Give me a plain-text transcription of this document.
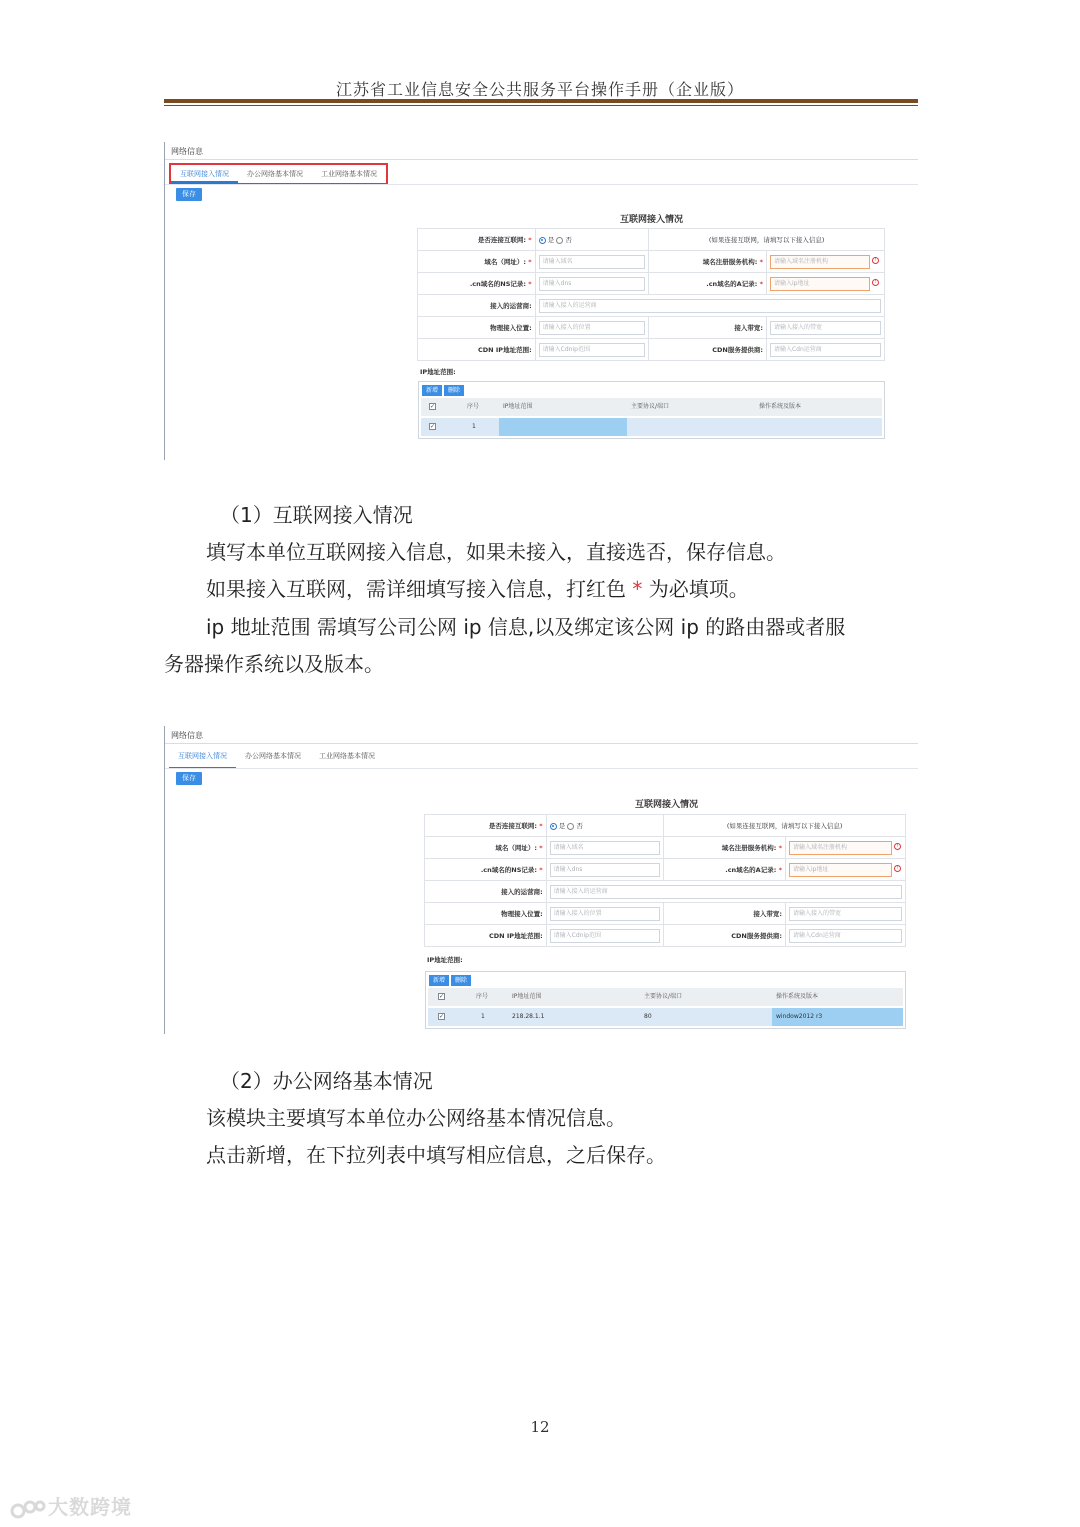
江苏省工业信息安全公共服务平台操作手册（企业版）
网络信息
互联网接入情况	办公网络基本情况	工业网络基本情况
保存
互联网接入情况
是否连接互联网: *	是 否	(如果连接互联网，请填写以下接入信息)	
域名（网址）: *	请输入域名	域名注册服务机构: *	请输入域名注册机构 !
.cn域名的NS记录: *	请输入dns	.cn域名的A记录: *	请输入ip地址 !
接入的运营商:	请输入接入的运营商		

物理接入位置:	请输入接入的位置	接入带宽:	请输入接入的带宽

CDN IP地址范围:	请输入Cdnip范围	CDN服务提供商:	请输入Cdn运营商
IP地址范围:
新增	删除
✓	序号	IP地址范围	主要协议/端口	操作系统及版本
✓	1
（1）互联网接入情况
填写本单位互联网接入信息，如果未接入，直接选否，保存信息。
如果接入互联网，需详细填写接入信息，打红色 * 为必填项。
ip 地址范围 需填写公司公网 ip 信息,以及绑定该公网 ip 的路由器或者服
务器操作系统以及版本。
网络信息
互联网接入情况	办公网络基本情况	工业网络基本情况
保存
互联网接入情况
是否连接互联网: *	是 否	(如果连接互联网，请填写以下接入信息)	
域名（网址）: *	请输入域名	域名注册服务机构: *	请输入域名注册机构 !
.cn域名的NS记录: *	请输入dns	.cn域名的A记录: *	请输入ip地址 !
接入的运营商:	请输入接入的运营商		

物理接入位置:	请输入接入的位置	接入带宽:	请输入接入的带宽

CDN IP地址范围:	请输入Cdnip范围	CDN服务提供商:	请输入Cdn运营商
IP地址范围:
新增	删除
✓	序号	IP地址范围	主要协议/端口	操作系统及版本
✓	1	218.28.1.1	80	window2012 r3
（2）办公网络基本情况
该模块主要填写本单位办公网络基本情况信息。
点击新增，在下拉列表中填写相应信息，之后保存。
12
大数跨境
